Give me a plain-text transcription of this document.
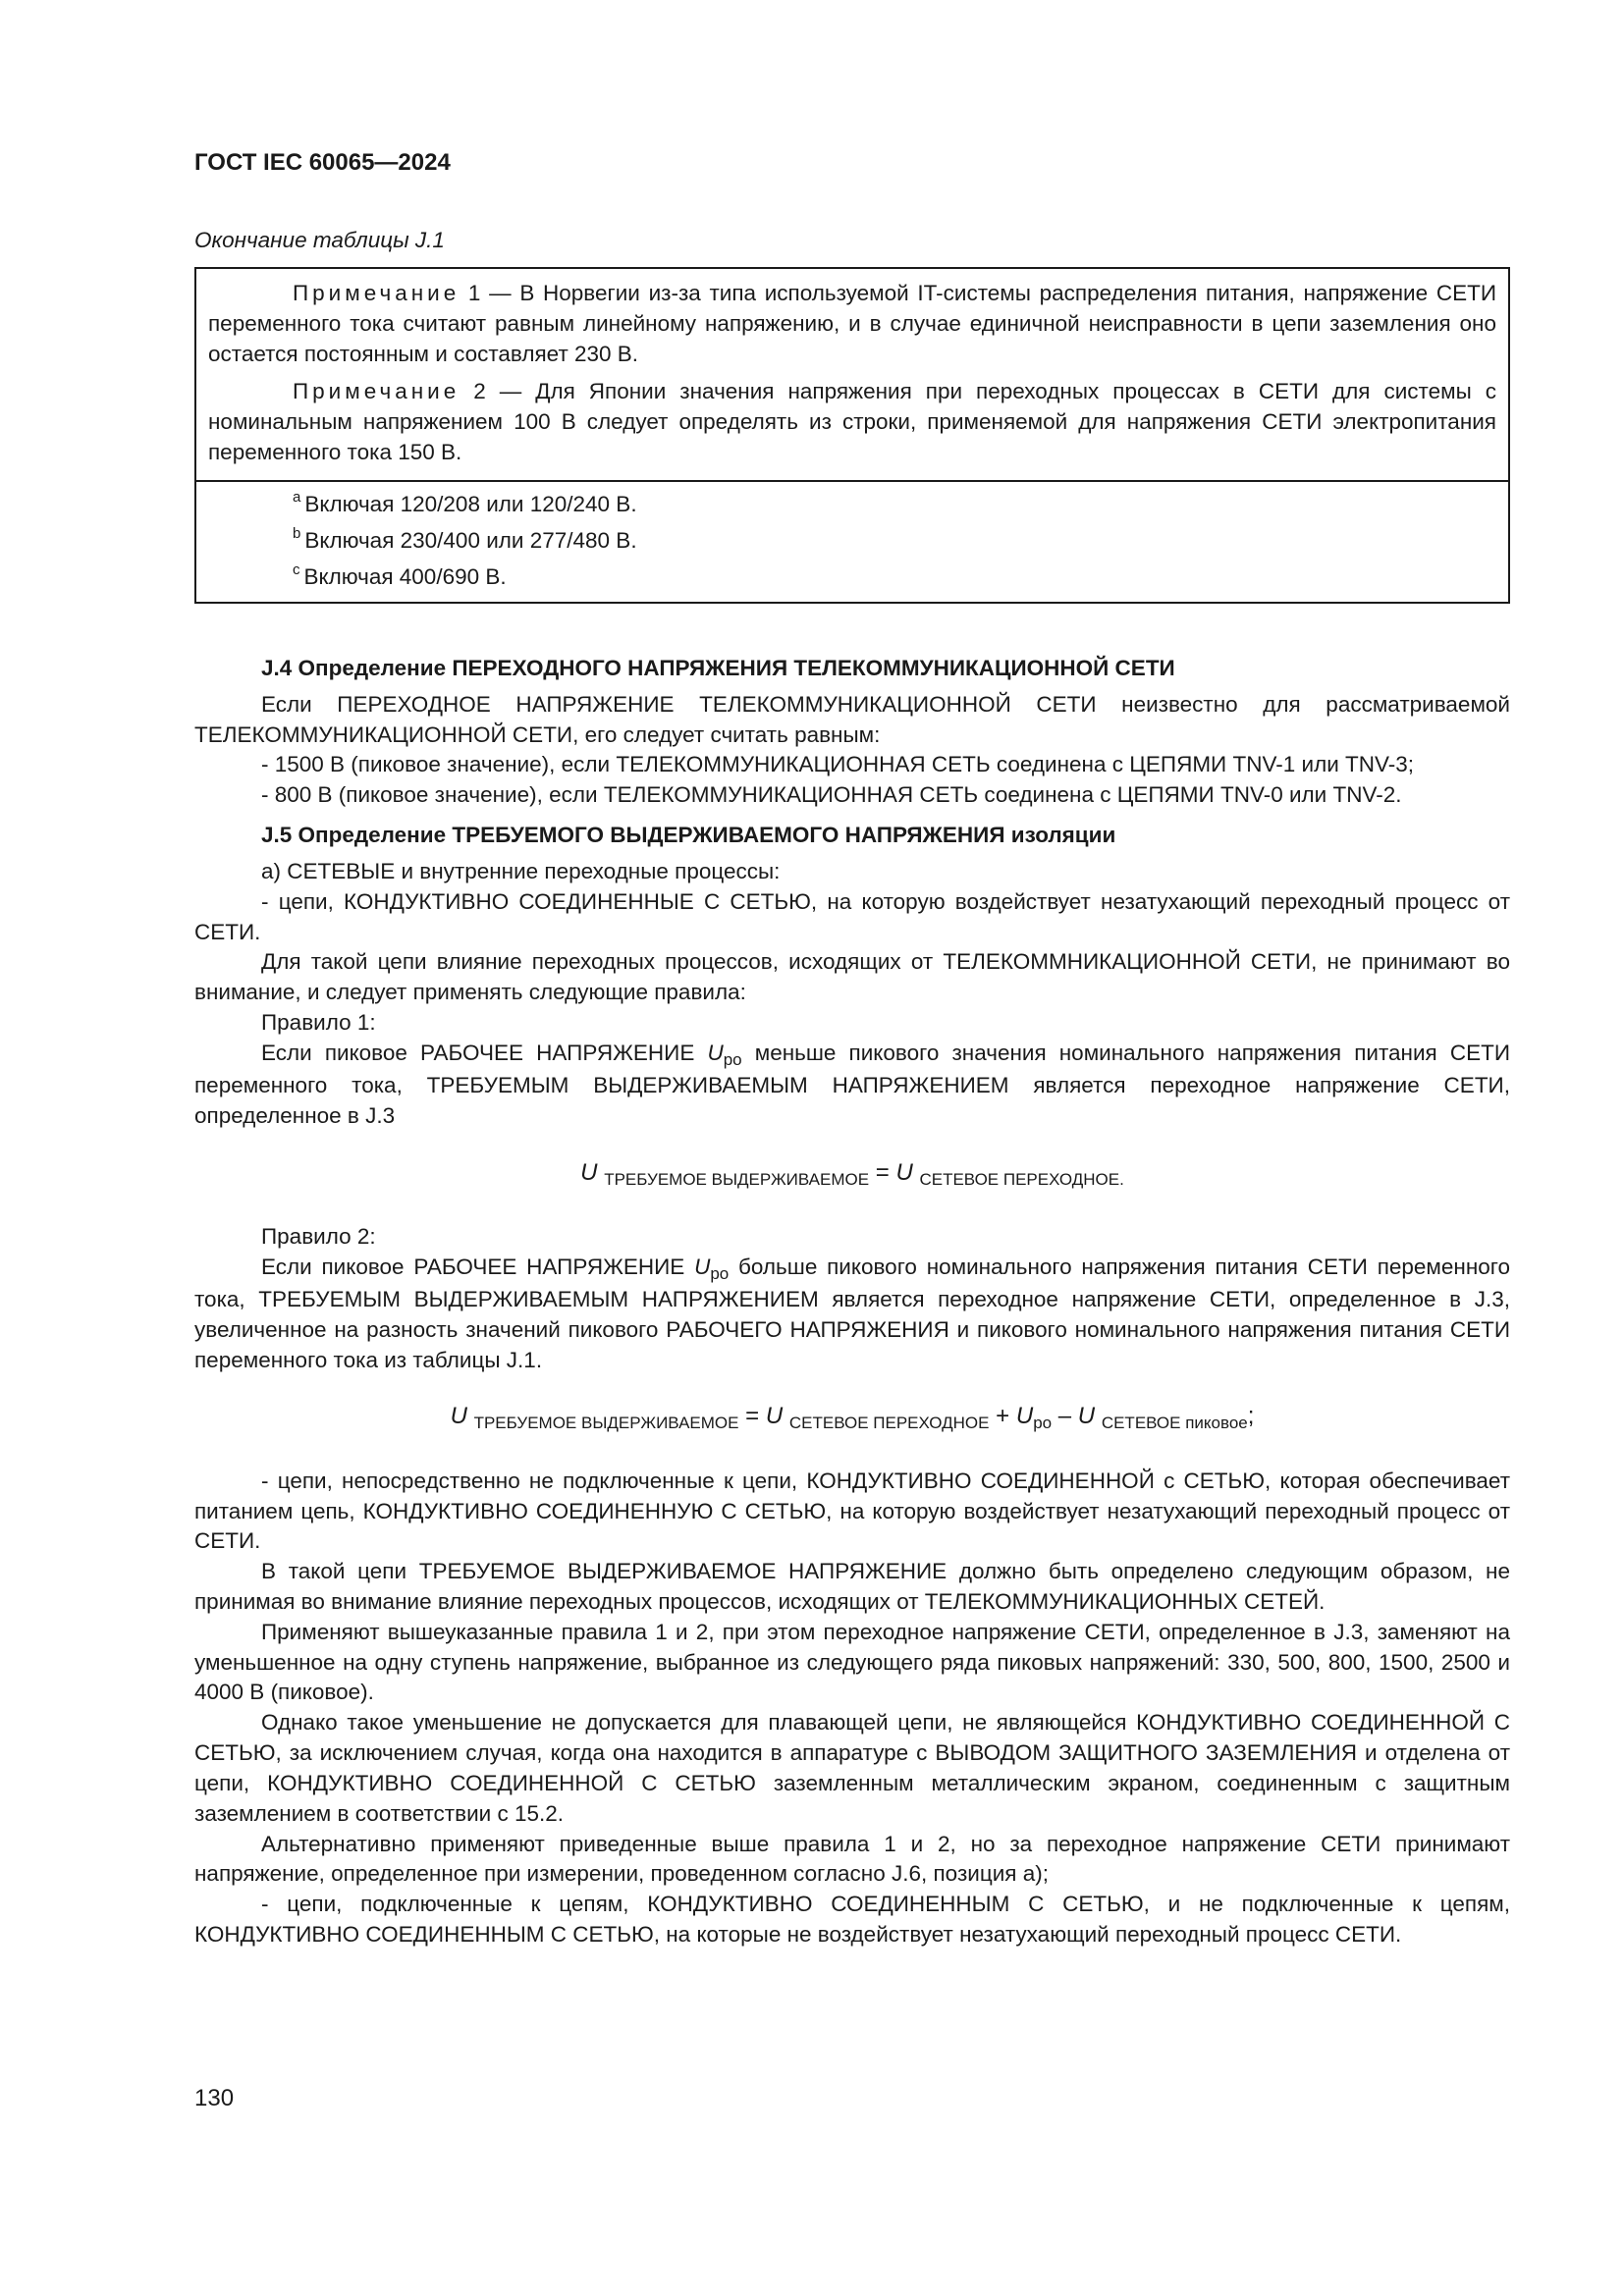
ГОСТ IEC 60065—2024
Окончание таблицы J.1

Примечание 1 — В Норвегии из-за типа используемой IT-системы распределения питания, напряжение СЕТИ переменного тока считают равным линейному напряжению, и в случае единичной неисправности в цепи заземления оно остается постоянным и составляет 230 В.

Примечание 2 — Для Японии значения напряжения при переходных процессах в СЕТИ для системы с номинальным напряжением 100 В следует определять из строки, применяемой для напряжения СЕТИ электропитания переменного тока 150 В.

$^a$ Включая 120/208 или 120/240 В.
$^b$ Включая 230/400 или 277/480 В.
$^c$ Включая 400/690 В.
J.4 Определение ПЕРЕХОДНОГО НАПРЯЖЕНИЯ ТЕЛЕКОММУНИКАЦИОННОЙ СЕТИ

Если ПЕРЕХОДНОЕ НАПРЯЖЕНИЕ ТЕЛЕКОММУНИКАЦИОННОЙ СЕТИ неизвестно для рассматриваемой ТЕЛЕКОММУНИКАЦИОННОЙ СЕТИ, его следует считать равным:

- 1500 В (пиковое значение), если ТЕЛЕКОММУНИКАЦИОННАЯ СЕТЬ соединена с ЦЕПЯМИ TNV-1 или TNV-3;

- 800 В (пиковое значение), если ТЕЛЕКОММУНИКАЦИОННАЯ СЕТЬ соединена с ЦЕПЯМИ TNV-0 или TNV-2.

J.5 Определение ТРЕБУЕМОГО ВЫДЕРЖИВАЕМОГО НАПРЯЖЕНИЯ изоляции

a) СЕТЕВЫЕ и внутренние переходные процессы:

- цепи, КОНДУКТИВНО СОЕДИНЕННЫЕ С СЕТЬЮ, на которую воздействует незатухающий переходный процесс от СЕТИ.

Для такой цепи влияние переходных процессов, исходящих от ТЕЛЕКОММНИКАЦИОННОЙ СЕТИ, не принимают во внимание, и следует применять следующие правила:

Правило 1:

Если пиковое РАБОЧЕЕ НАПРЯЖЕНИЕ $U_{ро}$ меньше пикового значения номинального напряжения питания СЕТИ переменного тока, ТРЕБУЕМЫМ ВЫДЕРЖИВАЕМЫМ НАПРЯЖЕНИЕМ является переходное напряжение СЕТИ, определенное в J.3

U $_{ТРЕБУЕМОЕ ВЫДЕРЖИВАЕМОЕ}$ = U $_{СЕТЕВОЕ ПЕРЕХОДНОЕ.}$

Правило 2:

Если пиковое РАБОЧЕЕ НАПРЯЖЕНИЕ $U_{ро}$ больше пикового номинального напряжения питания СЕТИ переменного тока, ТРЕБУЕМЫМ ВЫДЕРЖИВАЕМЫМ НАПРЯЖЕНИЕМ является переходное напряжение СЕТИ, определенное в J.3, увеличенное на разность значений пикового РАБОЧЕГО НАПРЯЖЕНИЯ и пикового номинального напряжения питания СЕТИ переменного тока из таблицы J.1.

U $_{ТРЕБУЕМОЕ ВЫДЕРЖИВАЕМОЕ}$ = U $_{СЕТЕВОЕ ПЕРЕХОДНОЕ} + U_{ро} - U$ $_{СЕТЕВОЕ пиковое}$;

- цепи, непосредственно не подключенные к цепи, КОНДУКТИВНО СОЕДИНЕННОЙ с СЕТЬЮ, которая обеспечивает питанием цепь, КОНДУКТИВНО СОЕДИНЕННУЮ С СЕТЬЮ, на которую воздействует незатухающий переходный процесс от СЕТИ.

В такой цепи ТРЕБУЕМОЕ ВЫДЕРЖИВАЕМОЕ НАПРЯЖЕНИЕ должно быть определено следующим образом, не принимая во внимание влияние переходных процессов, исходящих от ТЕЛЕКОММУНИКАЦИОННЫХ СЕТЕЙ.

Применяют вышеуказанные правила 1 и 2, при этом переходное напряжение СЕТИ, определенное в J.3, заменяют на уменьшенное на одну ступень напряжение, выбранное из следующего ряда пиковых напряжений: 330, 500, 800, 1500, 2500 и 4000 В (пиковое).

Однако такое уменьшение не допускается для плавающей цепи, не являющейся КОНДУКТИВНО СОЕДИНЕННОЙ С СЕТЬЮ, за исключением случая, когда она находится в аппаратуре с ВЫВОДОМ ЗАЩИТНОГО ЗАЗЕМЛЕНИЯ и отделена от цепи, КОНДУКТИВНО СОЕДИНЕННОЙ С СЕТЬЮ заземленным металлическим экраном, соединенным с защитным заземлением в соответствии с 15.2.

Альтернативно применяют приведенные выше правила 1 и 2, но за переходное напряжение СЕТИ принимают напряжение, определенное при измерении, проведенном согласно J.6, позиция a);

- цепи, подключенные к цепям, КОНДУКТИВНО СОЕДИНЕННЫМ С СЕТЬЮ, и не подключенные к цепям, КОНДУКТИВНО СОЕДИНЕННЫМ С СЕТЬЮ, на которые не воздействует незатухающий переходный процесс СЕТИ.

130
